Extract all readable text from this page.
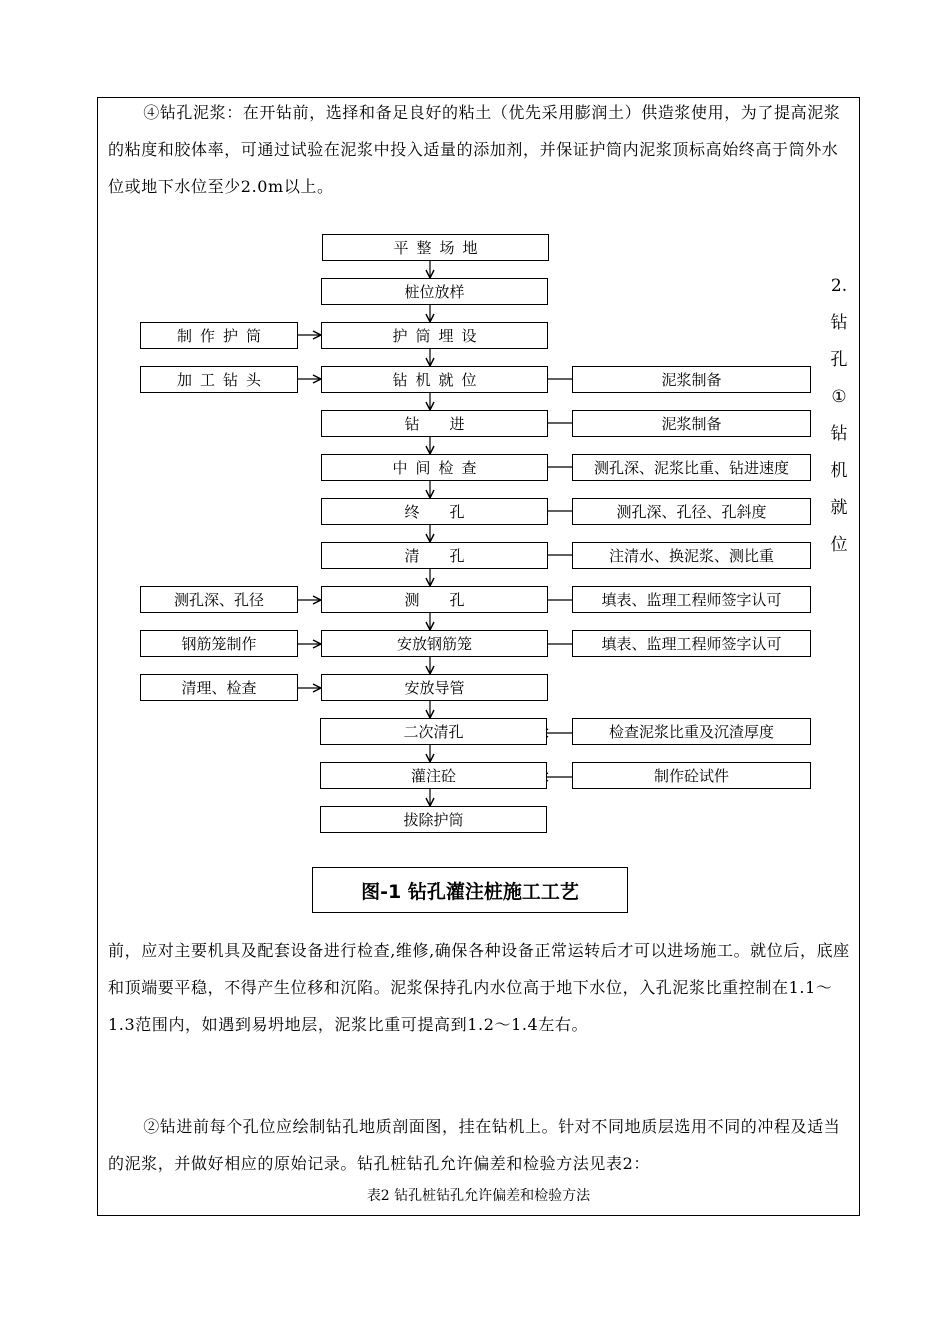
④钻孔泥浆：在开钻前，选择和备足良好的粘土（优先采用膨润土）供造浆使用，为了提高泥浆的粘度和胶体率，可通过试验在泥浆中投入适量的添加剂，并保证护筒内泥浆顶标高始终高于筒外水位或地下水位至少2.0m以上。

2.
钻
孔
①
钻
机
就
位
平整场地
桩位放样
护筒埋设
钻机就位
钻　　进
中间检查
终　　孔
清　　孔
测　　孔
安放钢筋笼
安放导管
二次清孔
灌注砼
拔除护筒
制作护筒
加工钻头
测孔深、孔径
钢筋笼制作
清理、检查
泥浆制备
泥浆制备
测孔深、泥浆比重、钻进速度
测孔深、孔径、孔斜度
注清水、换泥浆、测比重
填表、监理工程师签字认可
填表、监理工程师签字认可
检查泥浆比重及沉渣厚度
制作砼试件
图-1 钻孔灌注桩施工工艺

前，应对主要机具及配套设备进行检查,维修,确保各种设备正常运转后才可以进场施工。就位后，底座和顶端要平稳，不得产生位移和沉陷。泥浆保持孔内水位高于地下水位，入孔泥浆比重控制在1.1～1.3范围内，如遇到易坍地层，泥浆比重可提高到1.2～1.4左右。

②钻进前每个孔位应绘制钻孔地质剖面图，挂在钻机上。针对不同地质层选用不同的冲程及适当的泥浆，并做好相应的原始记录。钻孔桩钻孔允许偏差和检验方法见表2：

表2 钻孔桩钻孔允许偏差和检验方法
